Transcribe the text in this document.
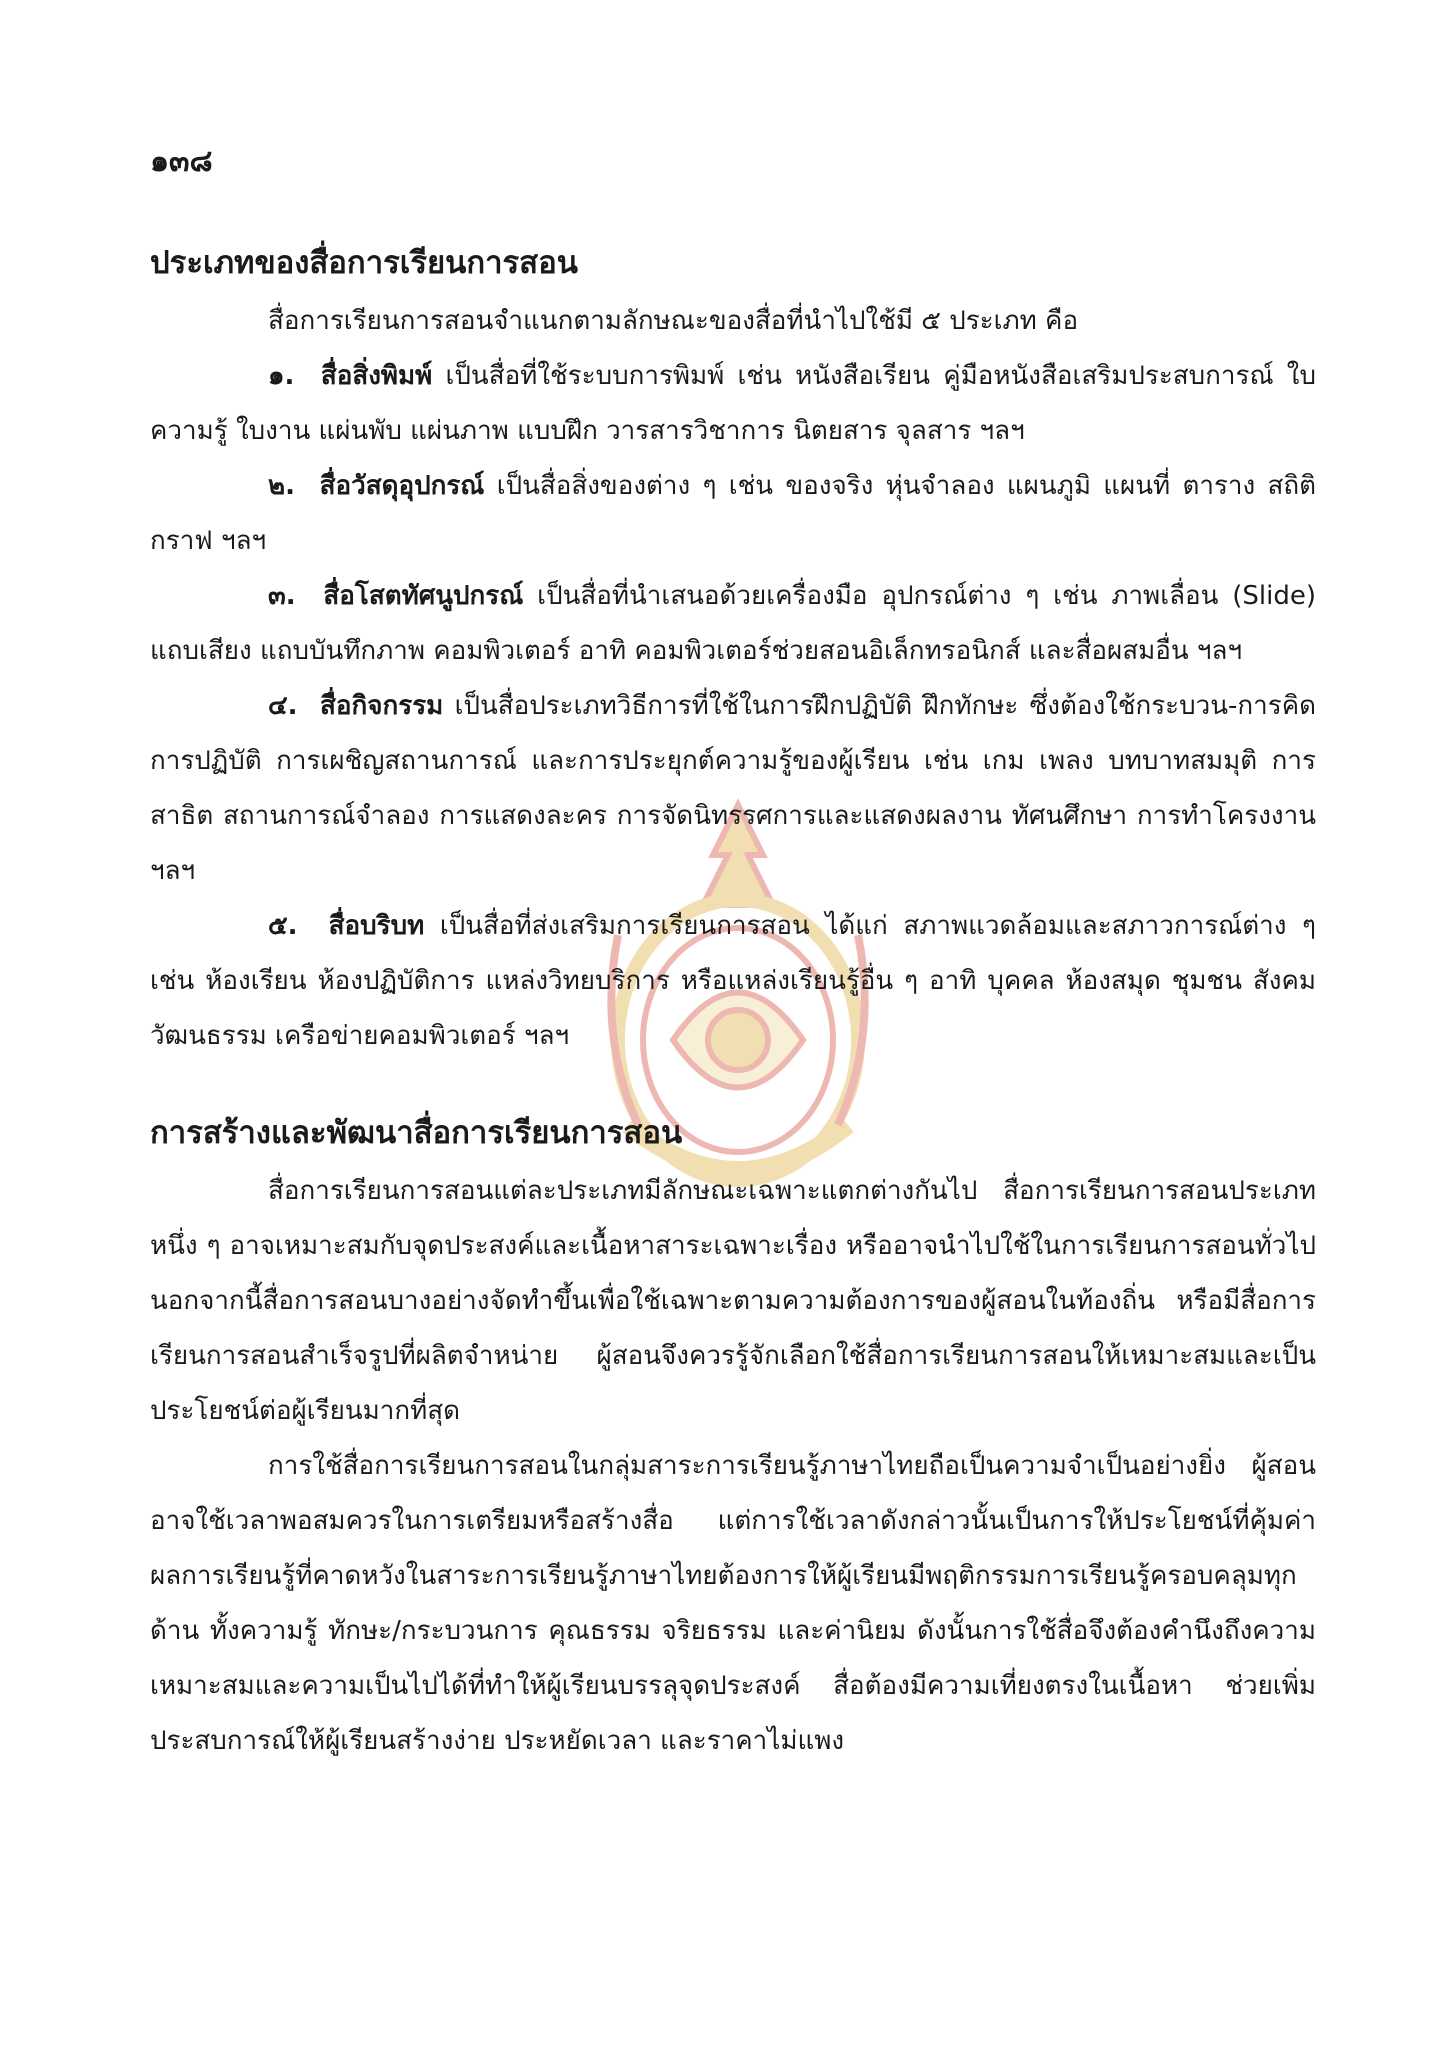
๑๓๘
ประเภทของสื่อการเรียนการสอน

สื่อการเรียนการสอนจำแนกตามลักษณะของสื่อที่นำไปใช้มี ๕ ประเภท คือ

๑. สื่อสิ่งพิมพ์ เป็นสื่อที่ใช้ระบบการพิมพ์ เช่น หนังสือเรียน คู่มือหนังสือเสริมประสบการณ์ ใบความรู้ ใบงาน แผ่นพับ แผ่นภาพ แบบฝึก วารสารวิชาการ นิตยสาร จุลสาร ฯลฯ

๒. สื่อวัสดุอุปกรณ์ เป็นสื่อสิ่งของต่าง ๆ เช่น ของจริง หุ่นจำลอง แผนภูมิ แผนที่ ตาราง สถิติ กราฟ ฯลฯ

๓. สื่อโสตทัศนูปกรณ์ เป็นสื่อที่นำเสนอด้วยเครื่องมือ อุปกรณ์ต่าง ๆ เช่น ภาพเลื่อน (Slide) แถบเสียง แถบบันทึกภาพ คอมพิวเตอร์ อาทิ คอมพิวเตอร์ช่วยสอนอิเล็กทรอนิกส์ และสื่อผสมอื่น ฯลฯ

๔. สื่อกิจกรรม เป็นสื่อประเภทวิธีการที่ใช้ในการฝึกปฏิบัติ ฝึกทักษะ ซึ่งต้องใช้กระบวน-การคิด การปฏิบัติ การเผชิญสถานการณ์ และการประยุกต์ความรู้ของผู้เรียน เช่น เกม เพลง บทบาทสมมุติ การสาธิต สถานการณ์จำลอง การแสดงละคร การจัดนิทรรศการและแสดงผลงาน ทัศนศึกษา การทำโครงงาน ฯลฯ

๕. สื่อบริบท เป็นสื่อที่ส่งเสริมการเรียนการสอน ได้แก่ สภาพแวดล้อมและสภาวการณ์ต่าง ๆ เช่น ห้องเรียน ห้องปฏิบัติการ แหล่งวิทยบริการ หรือแหล่งเรียนรู้อื่น ๆ อาทิ บุคคล ห้องสมุด ชุมชน สังคม วัฒนธรรม เครือข่ายคอมพิวเตอร์ ฯลฯ

การสร้างและพัฒนาสื่อการเรียนการสอน

สื่อการเรียนการสอนแต่ละประเภทมีลักษณะเฉพาะแตกต่างกันไป สื่อการเรียนการสอนประเภทหนึ่ง ๆ อาจเหมาะสมกับจุดประสงค์และเนื้อหาสาระเฉพาะเรื่อง หรืออาจนำไปใช้ในการเรียนการสอนทั่วไป นอกจากนี้สื่อการสอนบางอย่างจัดทำขึ้นเพื่อใช้เฉพาะตามความต้องการของผู้สอนในท้องถิ่น หรือมีสื่อการเรียนการสอนสำเร็จรูปที่ผลิตจำหน่าย ผู้สอนจึงควรรู้จักเลือกใช้สื่อการเรียนการสอนให้เหมาะสมและเป็นประโยชน์ต่อผู้เรียนมากที่สุด

การใช้สื่อการเรียนการสอนในกลุ่มสาระการเรียนรู้ภาษาไทยถือเป็นความจำเป็นอย่างยิ่ง ผู้สอนอาจใช้เวลาพอสมควรในการเตรียมหรือสร้างสื่อ แต่การใช้เวลาดังกล่าวนั้นเป็นการให้ประโยชน์ที่คุ้มค่า ผลการเรียนรู้ที่คาดหวังในสาระการเรียนรู้ภาษาไทยต้องการให้ผู้เรียนมีพฤติกรรมการเรียนรู้ครอบคลุมทุกด้าน ทั้งความรู้ ทักษะ/กระบวนการ คุณธรรม จริยธรรม และค่านิยม ดังนั้นการใช้สื่อจึงต้องคำนึงถึงความเหมาะสมและความเป็นไปได้ที่ทำให้ผู้เรียนบรรลุจุดประสงค์ สื่อต้องมีความเที่ยงตรงในเนื้อหา ช่วยเพิ่มประสบการณ์ให้ผู้เรียนสร้างง่าย ประหยัดเวลา และราคาไม่แพง
